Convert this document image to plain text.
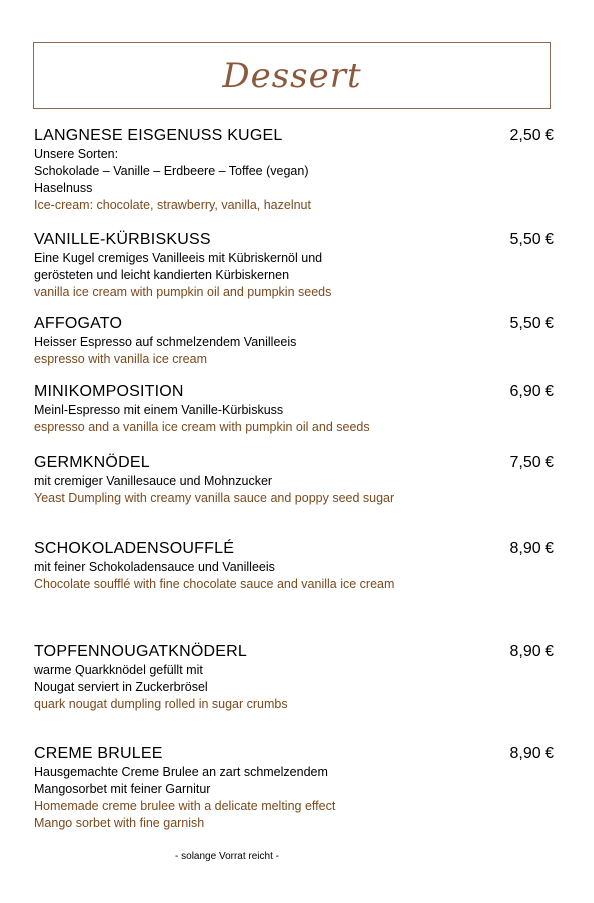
Dessert
LANGNESE EISGENUSS KUGEL	2,50 €
Unsere Sorten:
Schokolade – Vanille – Erdbeere – Toffee (vegan)
Haselnuss
Ice-cream: chocolate, strawberry, vanilla, hazelnut
VANILLE-KÜRBISKUSS	5,50 €
Eine Kugel cremiges Vanilleeis mit Kübriskernöl und
gerösteten und leicht kandierten Kürbiskernen
vanilla ice cream with pumpkin oil and pumpkin seeds
AFFOGATO	5,50 €
Heisser Espresso auf schmelzendem Vanilleeis
espresso with vanilla ice cream
MINIKOMPOSITION	6,90 €
Meinl-Espresso mit einem Vanille-Kürbiskuss
espresso and a vanilla ice cream with pumpkin oil and seeds
GERMKNÖDEL	7,50 €
mit cremiger Vanillesauce und Mohnzucker
Yeast Dumpling with creamy vanilla sauce and poppy seed sugar
SCHOKOLADENSOUFFLÉ	8,90 €
mit feiner Schokoladensauce und Vanilleeis
Chocolate soufflé with fine chocolate sauce and vanilla ice cream
TOPFENNOUGATKNÖDERL	8,90 €
warme Quarkknödel gefüllt mit
Nougat serviert in Zuckerbrösel
quark nougat dumpling rolled in sugar crumbs
CREME BRULEE	8,90 €
Hausgemachte Creme Brulee an zart schmelzendem
Mangosorbet mit feiner Garnitur
Homemade creme brulee with a delicate melting effect
Mango sorbet with fine garnish
- solange Vorrat reicht -
